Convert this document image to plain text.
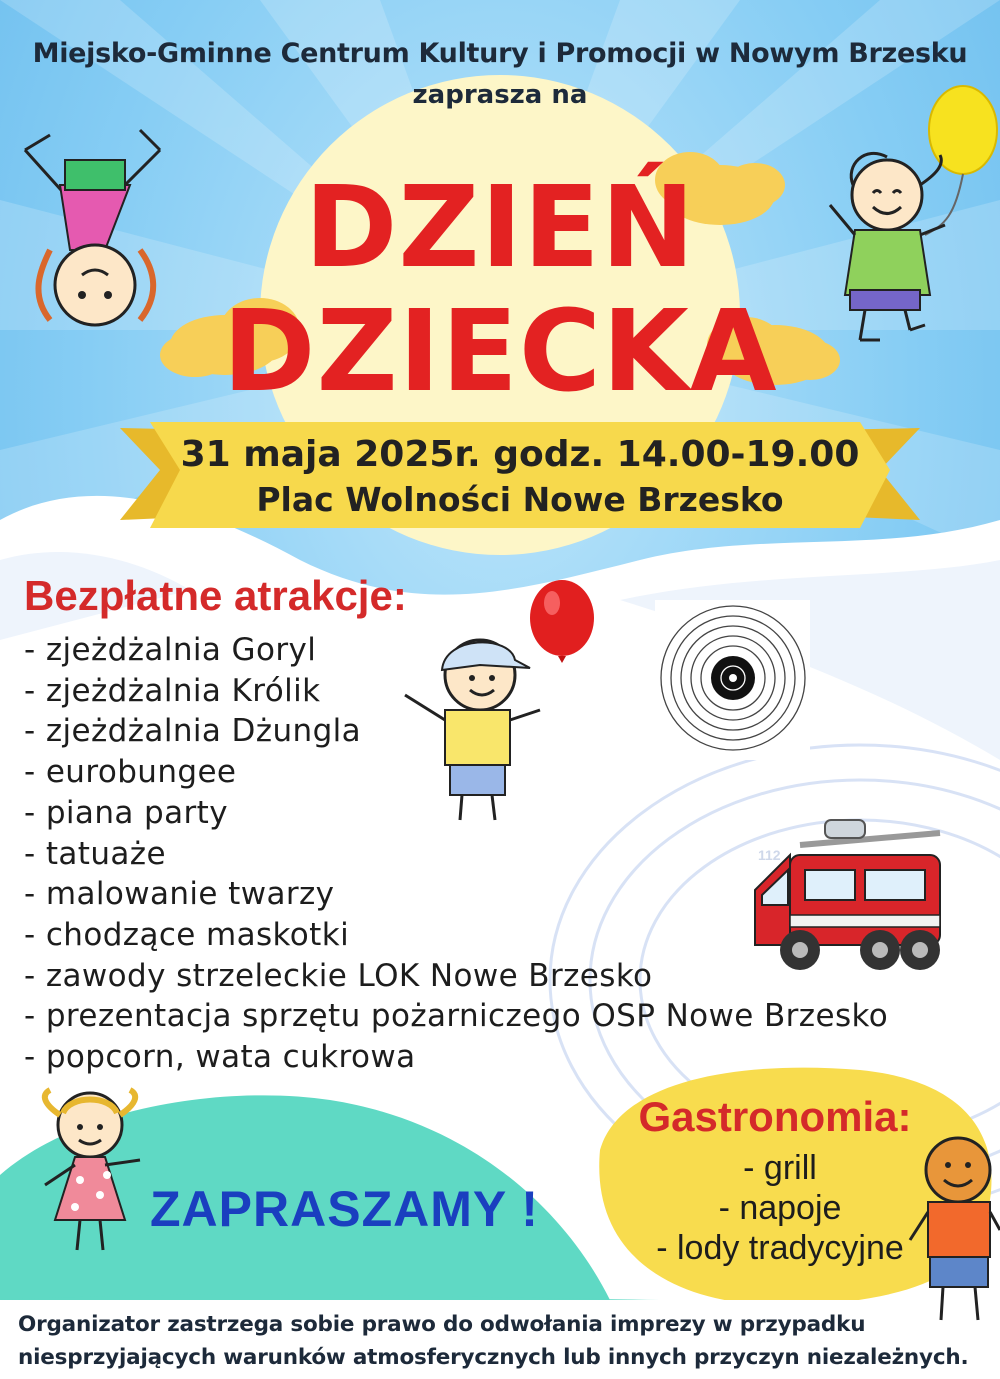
112

Miejsko-Gminne Centrum Kultury i Promocji w Nowym Brzesku

zaprasza na

DZIEŃ
DZIECKA

31 maja 2025r. godz. 14.00-19.00

Plac Wolności Nowe Brzesko

Bezpłatne atrakcje:
- zjeżdżalnia Goryl
- zjeżdżalnia Królik
- zjeżdżalnia Dżungla
- eurobungee
- piana party
- tatuaże
- malowanie twarzy
- chodzące maskotki
- zawody strzeleckie LOK Nowe Brzesko
- prezentacja sprzętu pożarniczego OSP Nowe Brzesko
- popcorn, wata cukrowa

ZAPRASZAMY !

Gastronomia:
- grill
- napoje
- lody tradycyjne
Organizator zastrzega sobie prawo do odwołania imprezy w przypadku
niesprzyjających warunków atmosferycznych lub innych przyczyn niezależnych.
